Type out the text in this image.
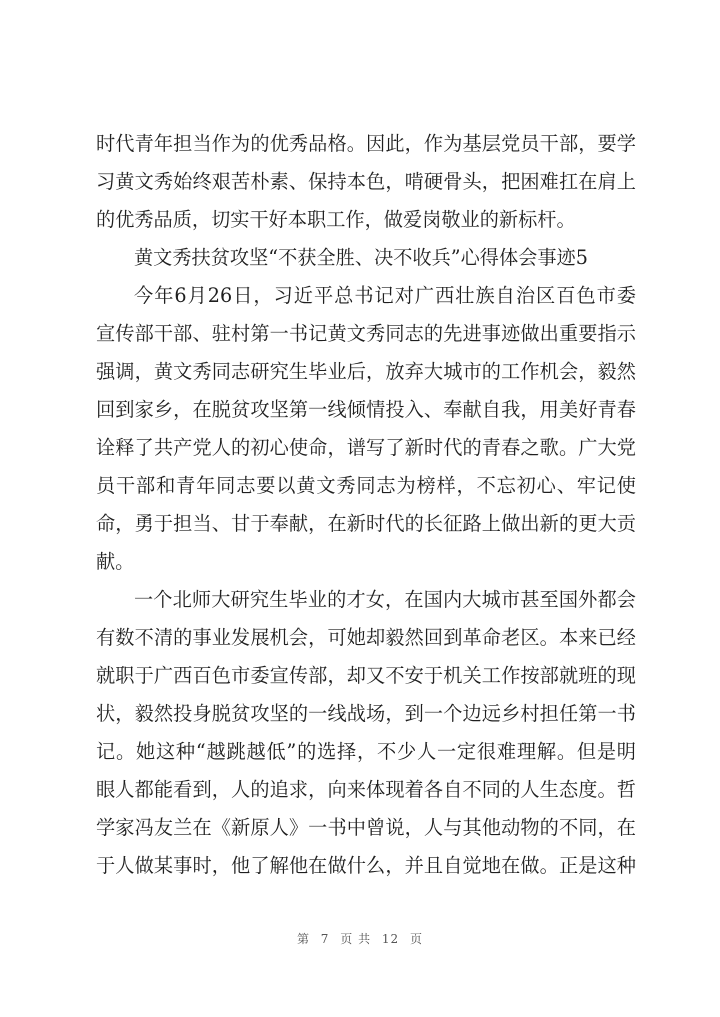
时代青年担当作为的优秀品格。因此，作为基层党员干部，要学
习黄文秀始终艰苦朴素、保持本色，啃硬骨头，把困难扛在肩上
的优秀品质，切实干好本职工作，做爱岗敬业的新标杆。
黄文秀扶贫攻坚“不获全胜、决不收兵”心得体会事迹5
今年6月26日，习近平总书记对广西壮族自治区百色市委
宣传部干部、驻村第一书记黄文秀同志的先进事迹做出重要指示
强调，黄文秀同志研究生毕业后，放弃大城市的工作机会，毅然
回到家乡，在脱贫攻坚第一线倾情投入、奉献自我，用美好青春
诠释了共产党人的初心使命，谱写了新时代的青春之歌。广大党
员干部和青年同志要以黄文秀同志为榜样，不忘初心、牢记使
命，勇于担当、甘于奉献，在新时代的长征路上做出新的更大贡
献。
一个北师大研究生毕业的才女，在国内大城市甚至国外都会
有数不清的事业发展机会，可她却毅然回到革命老区。本来已经
就职于广西百色市委宣传部，却又不安于机关工作按部就班的现
状，毅然投身脱贫攻坚的一线战场，到一个边远乡村担任第一书
记。她这种“越跳越低”的选择，不少人一定很难理解。但是明
眼人都能看到，人的追求，向来体现着各自不同的人生态度。哲
学家冯友兰在《新原人》一书中曾说，人与其他动物的不同，在
于人做某事时，他了解他在做什么，并且自觉地在做。正是这种
第 7 页 共 12 页
